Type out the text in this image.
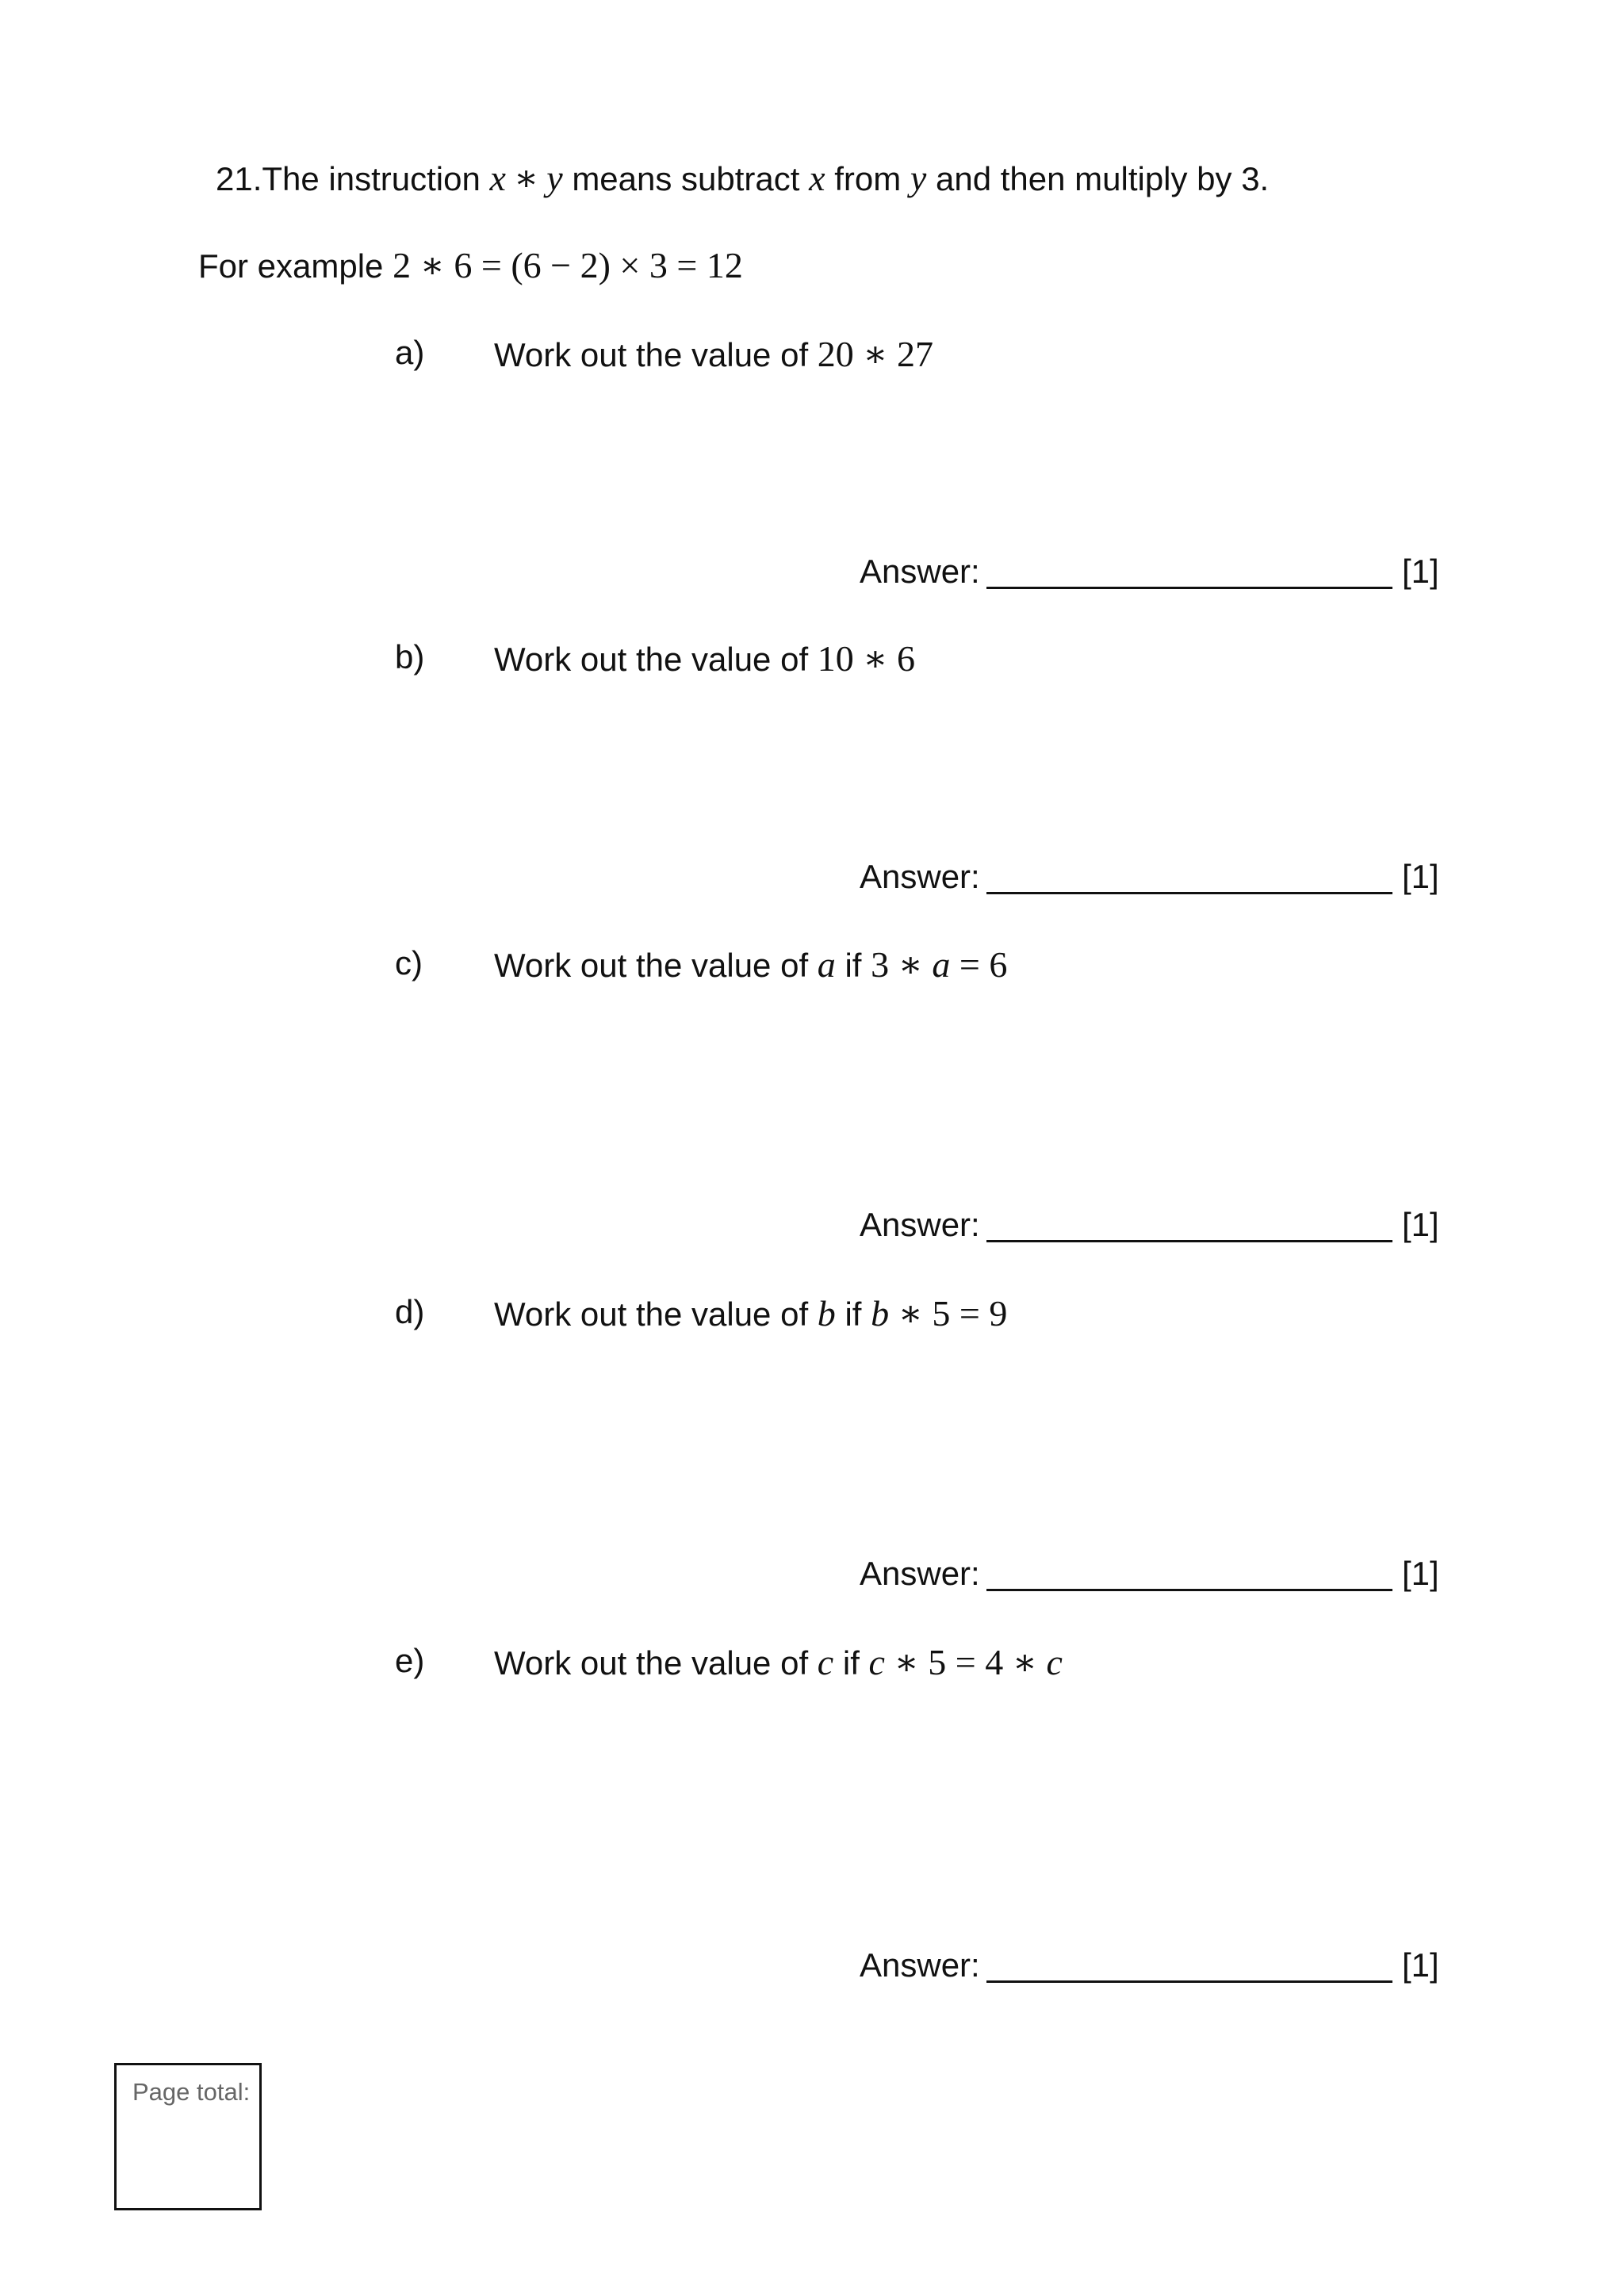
21.The instruction x ∗ y means subtract x from y and then multiply by 3.
For example 2 ∗ 6 = (6 − 2) × 3 = 12
a) Work out the value of 20 ∗ 27
Answer:	[1]
b) Work out the value of 10 ∗ 6
Answer:	[1]
c) Work out the value of a if 3 ∗ a = 6
Answer:	[1]
d) Work out the value of b if b ∗ 5 = 9
Answer:	[1]
e) Work out the value of c if c ∗ 5 = 4 ∗ c
Answer:	[1]
Page total:
